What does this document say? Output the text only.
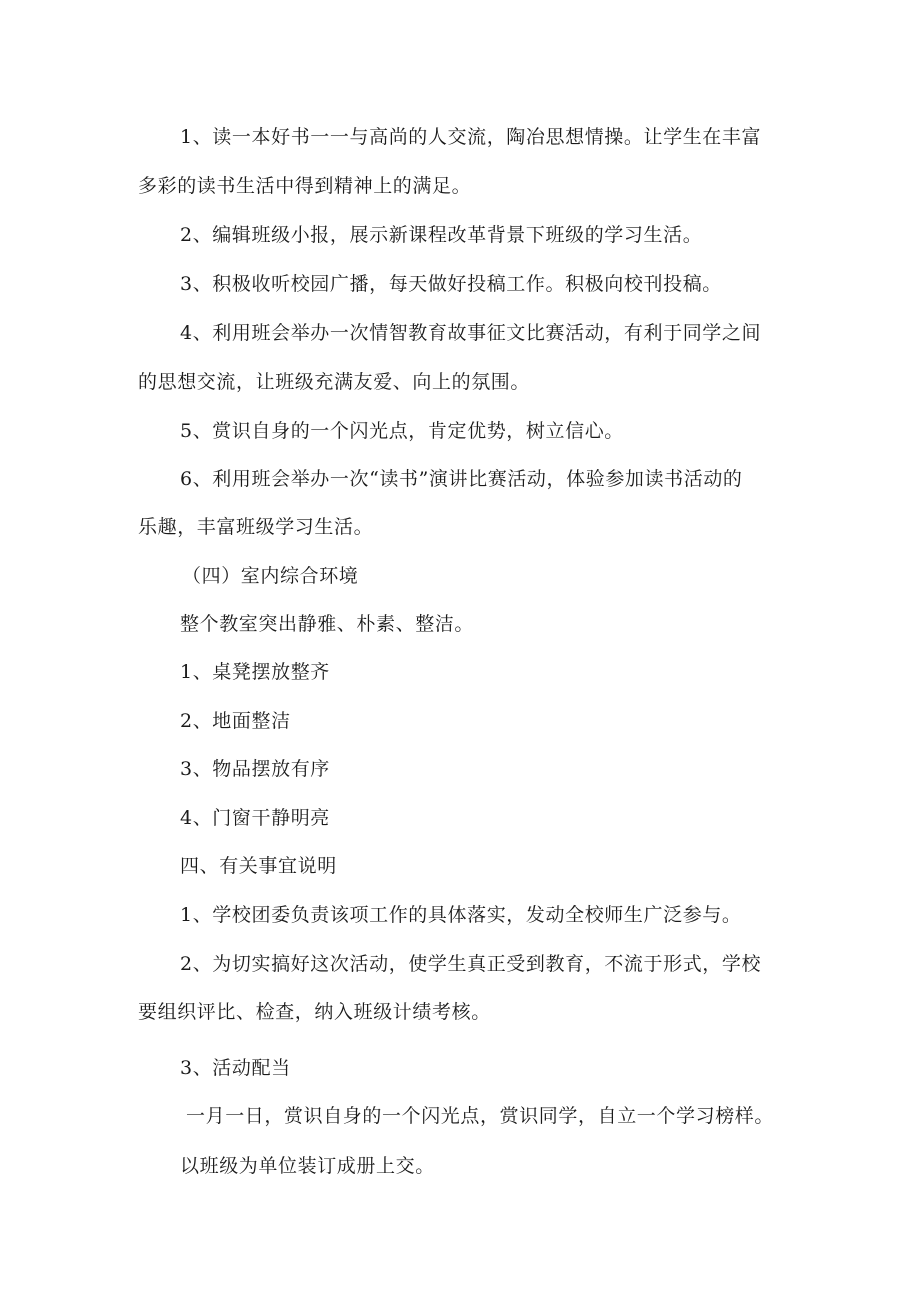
1、读一本好书一一与高尚的人交流，陶冶思想情操。让学生在丰富
多彩的读书生活中得到精神上的满足。
2、编辑班级小报，展示新课程改革背景下班级的学习生活。
3、积极收听校园广播，每天做好投稿工作。积极向校刊投稿。
4、利用班会举办一次情智教育故事征文比赛活动，有利于同学之间
的思想交流，让班级充满友爱、向上的氛围。
5、赏识自身的一个闪光点，肯定优势，树立信心。
6、利用班会举办一次“读书”演讲比赛活动，体验参加读书活动的
乐趣，丰富班级学习生活。
（四）室内综合环境
整个教室突出静雅、朴素、整洁。
1、桌凳摆放整齐
2、地面整洁
3、物品摆放有序
4、门窗干静明亮
四、有关事宜说明
1、学校团委负责该项工作的具体落实，发动全校师生广泛参与。
2、为切实搞好这次活动，使学生真正受到教育，不流于形式，学校
要组织评比、检查，纳入班级计绩考核。
3、活动配当
一月一日，赏识自身的一个闪光点，赏识同学，自立一个学习榜样。
以班级为单位装订成册上交。
